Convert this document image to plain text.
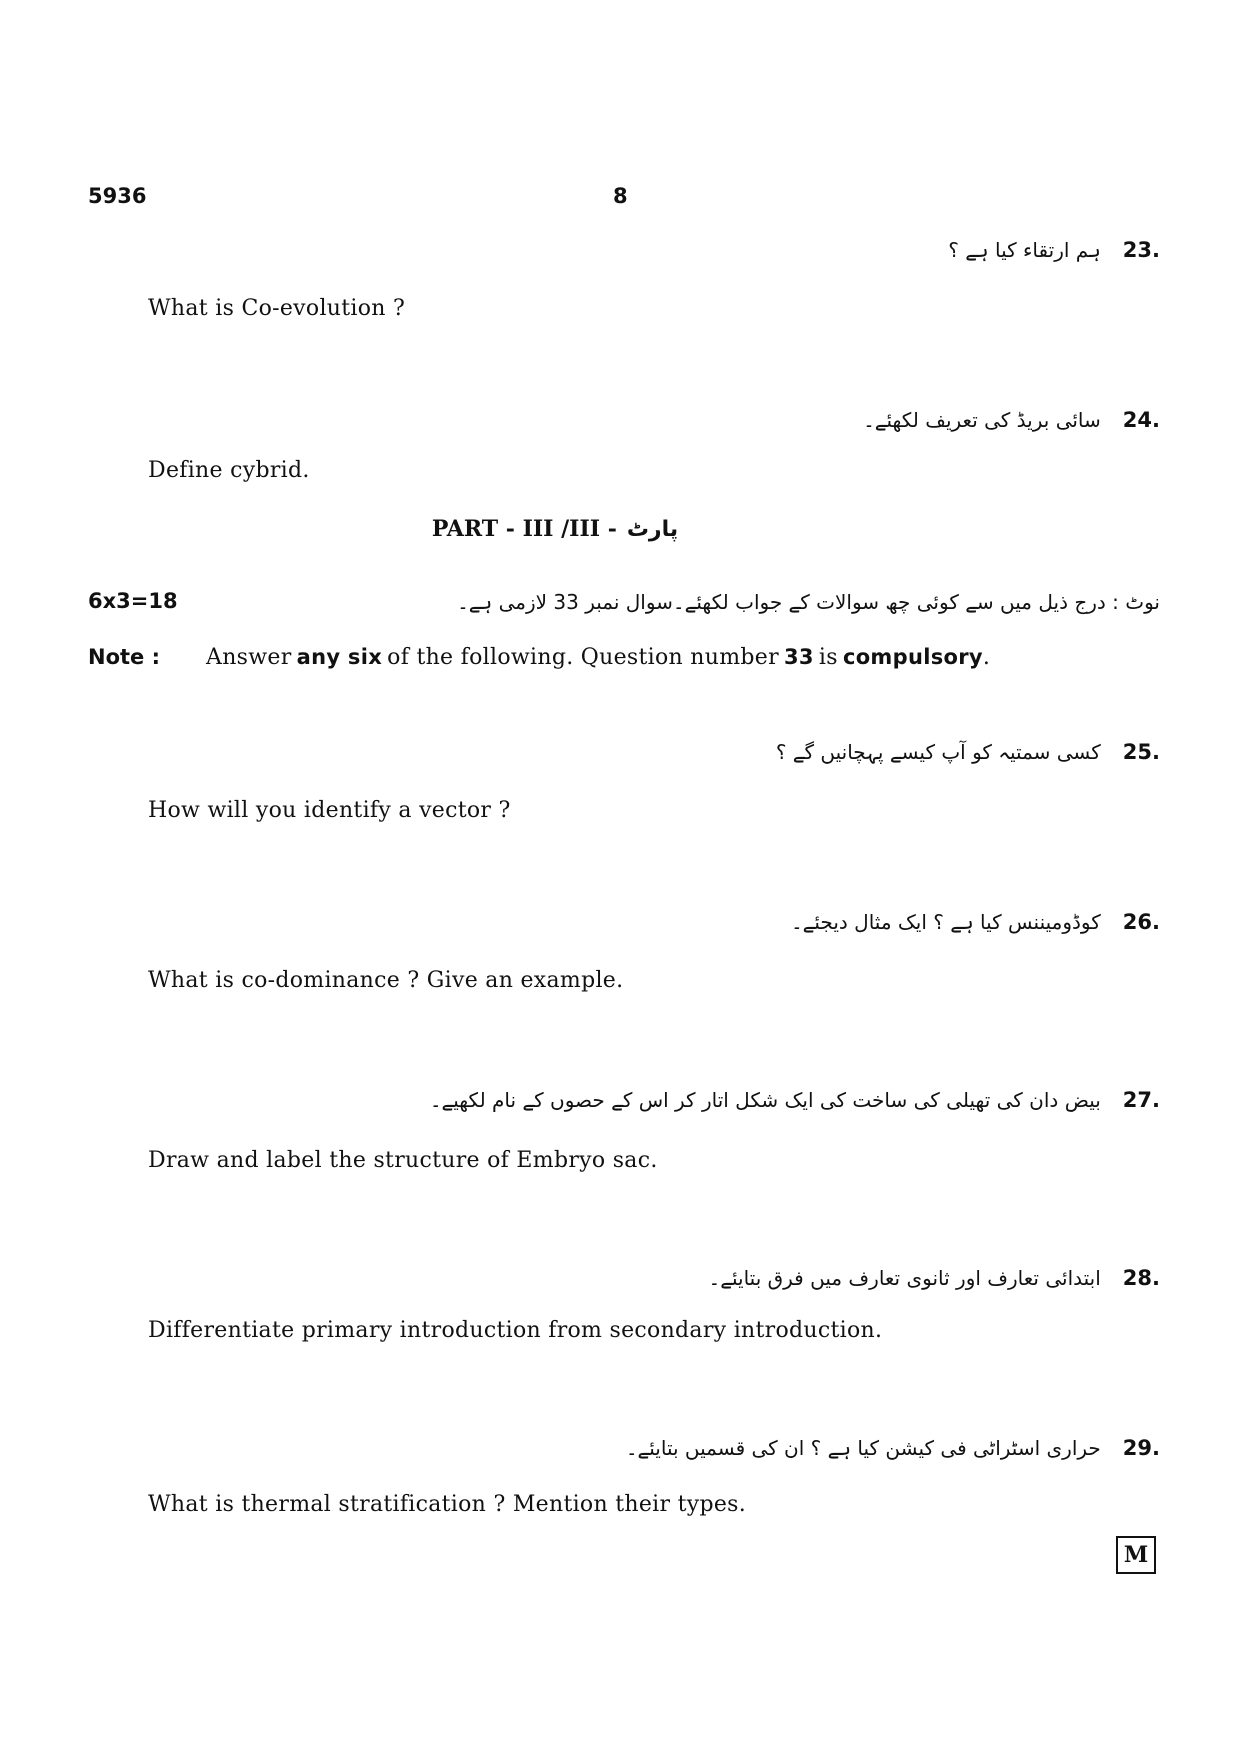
5936	8
ہم ارتقاء کیا ہے ؟ 23.
What is Co-evolution ?
سائی بریڈ کی تعریف لکھئے۔ 24.
Define cybrid.
PART - III /III - پارٹ
6x3=18	نوٹ : درج ذیل میں سے کوئی چھ سوالات کے جواب لکھئے۔سوال نمبر 33 لازمی ہے۔
Note :	Answer
any six
of the following. Question number
33
is
compulsory .
کسی سمتیہ کو آپ کیسے پہچانیں گے ؟ 25.
How will you identify a vector ?
کوڈومیننس کیا ہے ؟ ایک مثال دیجئے۔ 26.
What is co-dominance ? Give an example.
بیض دان کی تھیلی کی ساخت کی ایک شکل اتار کر اس کے حصوں کے نام لکھیے۔ 27.
Draw and label the structure of Embryo sac.
ابتدائی تعارف اور ثانوی تعارف میں فرق بتایئے۔ 28.
Differentiate primary introduction from secondary introduction.
حراری اسٹراٹی فی کیشن کیا ہے ؟ ان کی قسمیں بتایئے۔ 29.
What is thermal stratification ? Mention their types.
M
